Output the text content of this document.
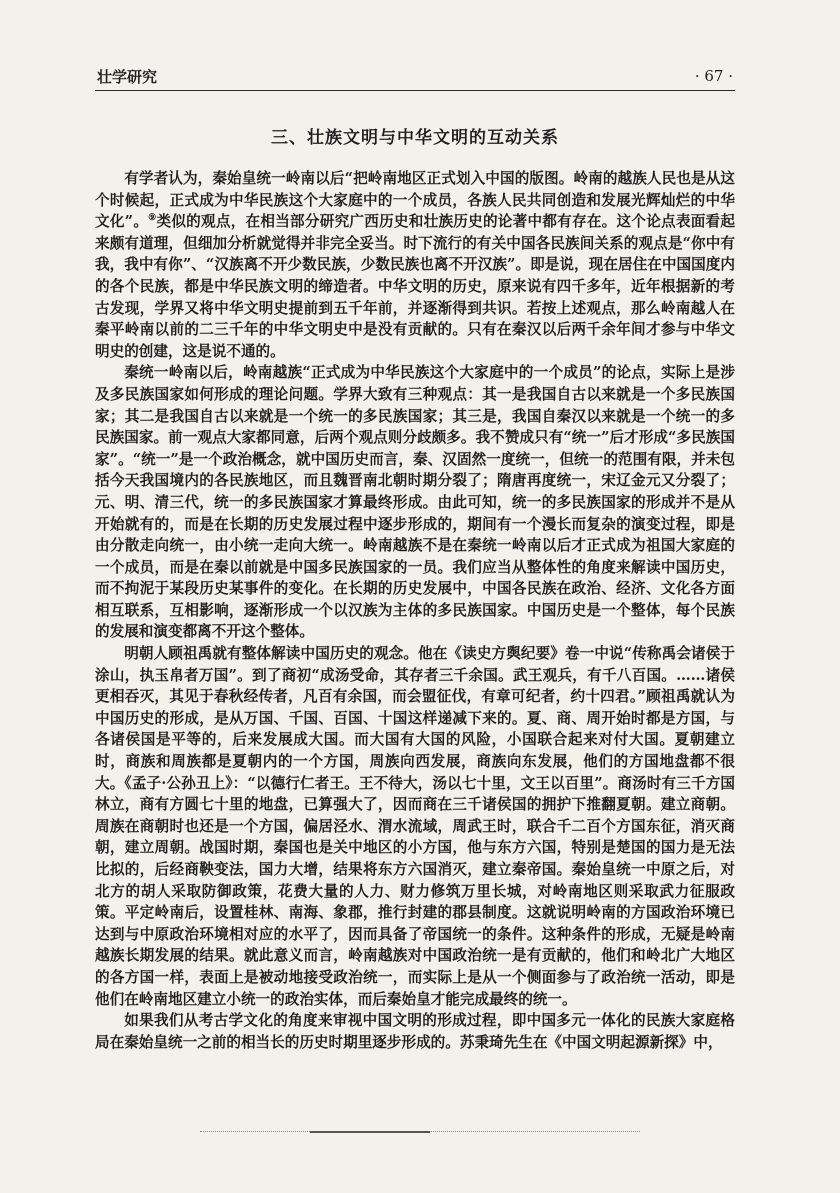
壮学研究	· 67 ·
三、壮族文明与中华文明的互动关系

有学者认为，秦始皇统一岭南以后“把岭南地区正式划入中国的版图。岭南的越族人民也是从这个时候起，正式成为中华民族这个大家庭中的一个成员，各族人民共同创造和发展光辉灿烂的中华文化”。⑨类似的观点，在相当部分研究广西历史和壮族历史的论著中都有存在。这个论点表面看起来颇有道理，但细加分析就觉得并非完全妥当。时下流行的有关中国各民族间关系的观点是“你中有我，我中有你”、“汉族离不开少数民族，少数民族也离不开汉族”。即是说，现在居住在中国国度内的各个民族，都是中华民族文明的缔造者。中华文明的历史，原来说有四千多年，近年根据新的考古发现，学界又将中华文明史提前到五千年前，并逐渐得到共识。若按上述观点，那么岭南越人在秦平岭南以前的二三千年的中华文明史中是没有贡献的。只有在秦汉以后两千余年间才参与中华文明史的创建，这是说不通的。

秦统一岭南以后，岭南越族“正式成为中华民族这个大家庭中的一个成员”的论点，实际上是涉及多民族国家如何形成的理论问题。学界大致有三种观点：其一是我国自古以来就是一个多民族国家；其二是我国自古以来就是一个统一的多民族国家；其三是，我国自秦汉以来就是一个统一的多民族国家。前一观点大家都同意，后两个观点则分歧颇多。我不赞成只有“统一”后才形成“多民族国家”。“统一”是一个政治概念，就中国历史而言，秦、汉固然一度统一，但统一的范围有限，并未包括今天我国境内的各民族地区，而且魏晋南北朝时期分裂了；隋唐再度统一，宋辽金元又分裂了；元、明、清三代，统一的多民族国家才算最终形成。由此可知，统一的多民族国家的形成并不是从开始就有的，而是在长期的历史发展过程中逐步形成的，期间有一个漫长而复杂的演变过程，即是由分散走向统一，由小统一走向大统一。岭南越族不是在秦统一岭南以后才正式成为祖国大家庭的一个成员，而是在秦以前就是中国多民族国家的一员。我们应当从整体性的角度来解读中国历史，而不拘泥于某段历史某事件的变化。在长期的历史发展中，中国各民族在政治、经济、文化各方面相互联系，互相影响，逐渐形成一个以汉族为主体的多民族国家。中国历史是一个整体，每个民族的发展和演变都离不开这个整体。

明朝人顾祖禹就有整体解读中国历史的观念。他在《读史方舆纪要》卷一中说“传称禹会诸侯于涂山，执玉帛者万国”。到了商初“成汤受命，其存者三千余国。武王观兵，有千八百国。……诸侯更相吞灭，其见于春秋经传者，凡百有余国，而会盟征伐，有章可纪者，约十四君。”顾祖禹就认为中国历史的形成，是从万国、千国、百国、十国这样递减下来的。夏、商、周开始时都是方国，与各诸侯国是平等的，后来发展成大国。而大国有大国的风险，小国联合起来对付大国。夏朝建立时，商族和周族都是夏朝内的一个方国，周族向西发展，商族向东发展，他们的方国地盘都不很大。《孟子·公孙丑上》：“以德行仁者王。王不待大，汤以七十里，文王以百里”。商汤时有三千方国林立，商有方圆七十里的地盘，已算强大了，因而商在三千诸侯国的拥护下推翻夏朝。建立商朝。周族在商朝时也还是一个方国，偏居泾水、渭水流域，周武王时，联合千二百个方国东征，消灭商朝，建立周朝。战国时期，秦国也是关中地区的小方国，他与东方六国，特别是楚国的国力是无法比拟的，后经商鞅变法，国力大增，结果将东方六国消灭，建立秦帝国。秦始皇统一中原之后，对北方的胡人采取防御政策，花费大量的人力、财力修筑万里长城，对岭南地区则采取武力征服政策。平定岭南后，设置桂林、南海、象郡，推行封建的郡县制度。这就说明岭南的方国政治环境已达到与中原政治环境相对应的水平了，因而具备了帝国统一的条件。这种条件的形成，无疑是岭南越族长期发展的结果。就此意义而言，岭南越族对中国政治统一是有贡献的，他们和岭北广大地区的各方国一样，表面上是被动地接受政治统一，而实际上是从一个侧面参与了政治统一活动，即是他们在岭南地区建立小统一的政治实体，而后秦始皇才能完成最终的统一。

如果我们从考古学文化的角度来审视中国文明的形成过程，即中国多元一体化的民族大家庭格局在秦始皇统一之前的相当长的历史时期里逐步形成的。苏秉琦先生在《中国文明起源新探》中，
